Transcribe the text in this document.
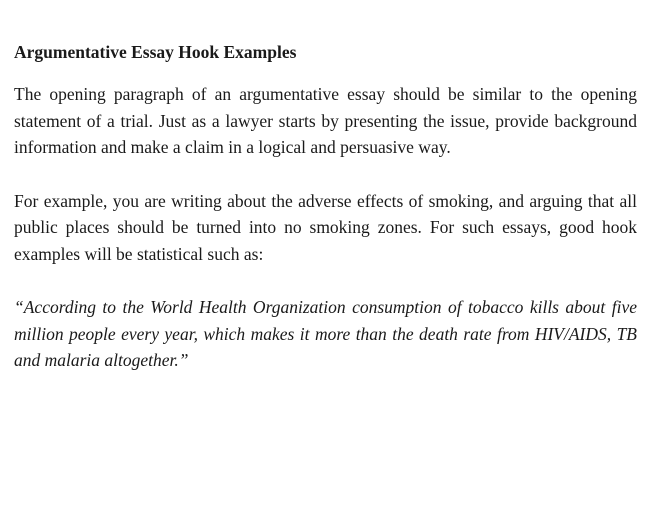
Argumentative Essay Hook Examples

The opening paragraph of an argumentative essay should be similar to the opening statement of a trial. Just as a lawyer starts by presenting the issue, provide background information and make a claim in a logical and persuasive way.

For example, you are writing about the adverse effects of smoking, and arguing that all public places should be turned into no smoking zones. For such essays, good hook examples will be statistical such as:

“According to the World Health Organization consumption of tobacco kills about five million people every year, which makes it more than the death rate from HIV/AIDS, TB and malaria altogether.”
